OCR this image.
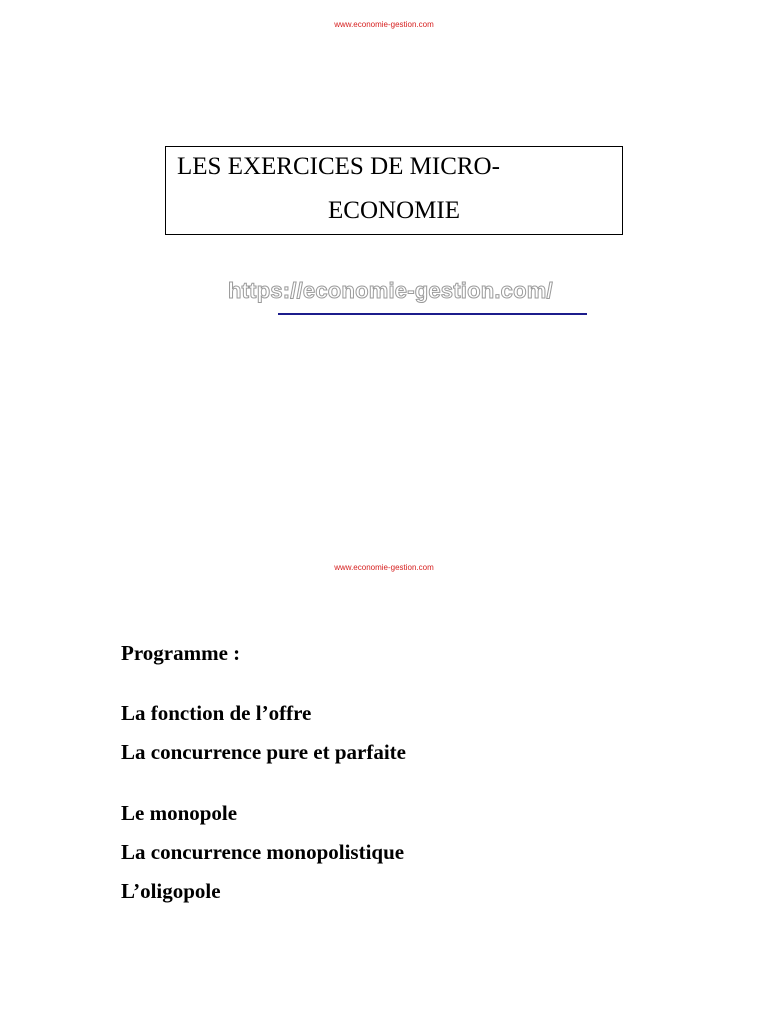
www.economie-gestion.com
LES EXERCICES DE MICRO-
ECONOMIE
https://economie-gestion.com/
www.economie-gestion.com
Programme :
La fonction de l’offre
La concurrence pure et parfaite
Le monopole
La concurrence monopolistique
L’oligopole
